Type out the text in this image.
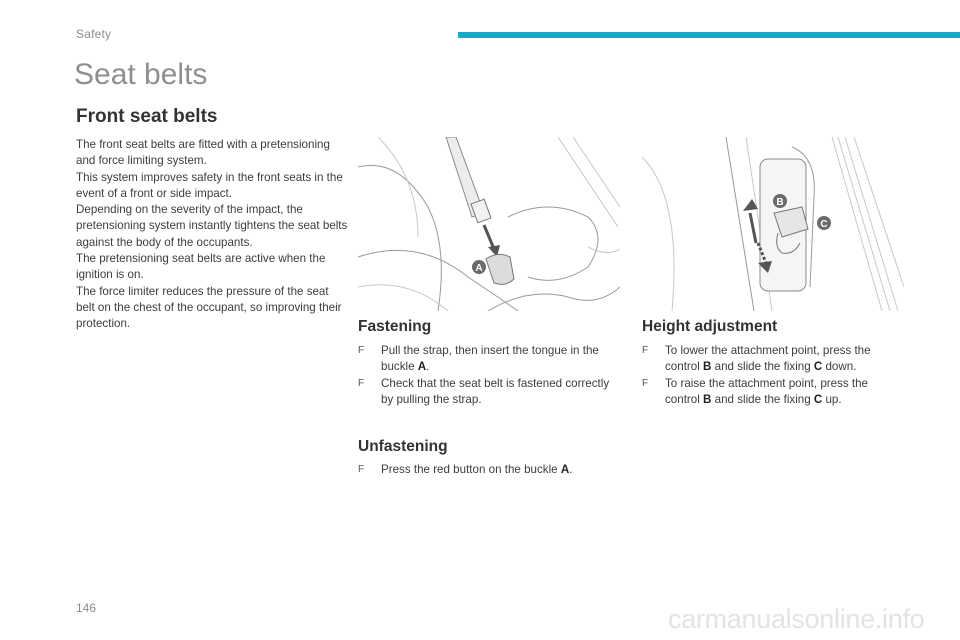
Safety
Seat belts
Front seat belts

The front seat belts are fitted with a pretensioning and force limiting system.

This system improves safety in the front seats in the event of a front or side impact.

Depending on the severity of the impact, the pretensioning system instantly tightens the seat belts against the body of the occupants.

The pretensioning seat belts are active when the ignition is on.

The force limiter reduces the pressure of the seat belt on the chest of the occupant, so improving their protection.

A
B
C
Fastening
F Pull the strap, then insert the tongue in the buckle A.
F Check that the seat belt is fastened correctly by pulling the strap.
Unfastening
F Press the red button on the buckle A.
Height adjustment
F To lower the attachment point, press the control B and slide the fixing C down.
F To raise the attachment point, press the control B and slide the fixing C up.
146	carmanualsonline.info
